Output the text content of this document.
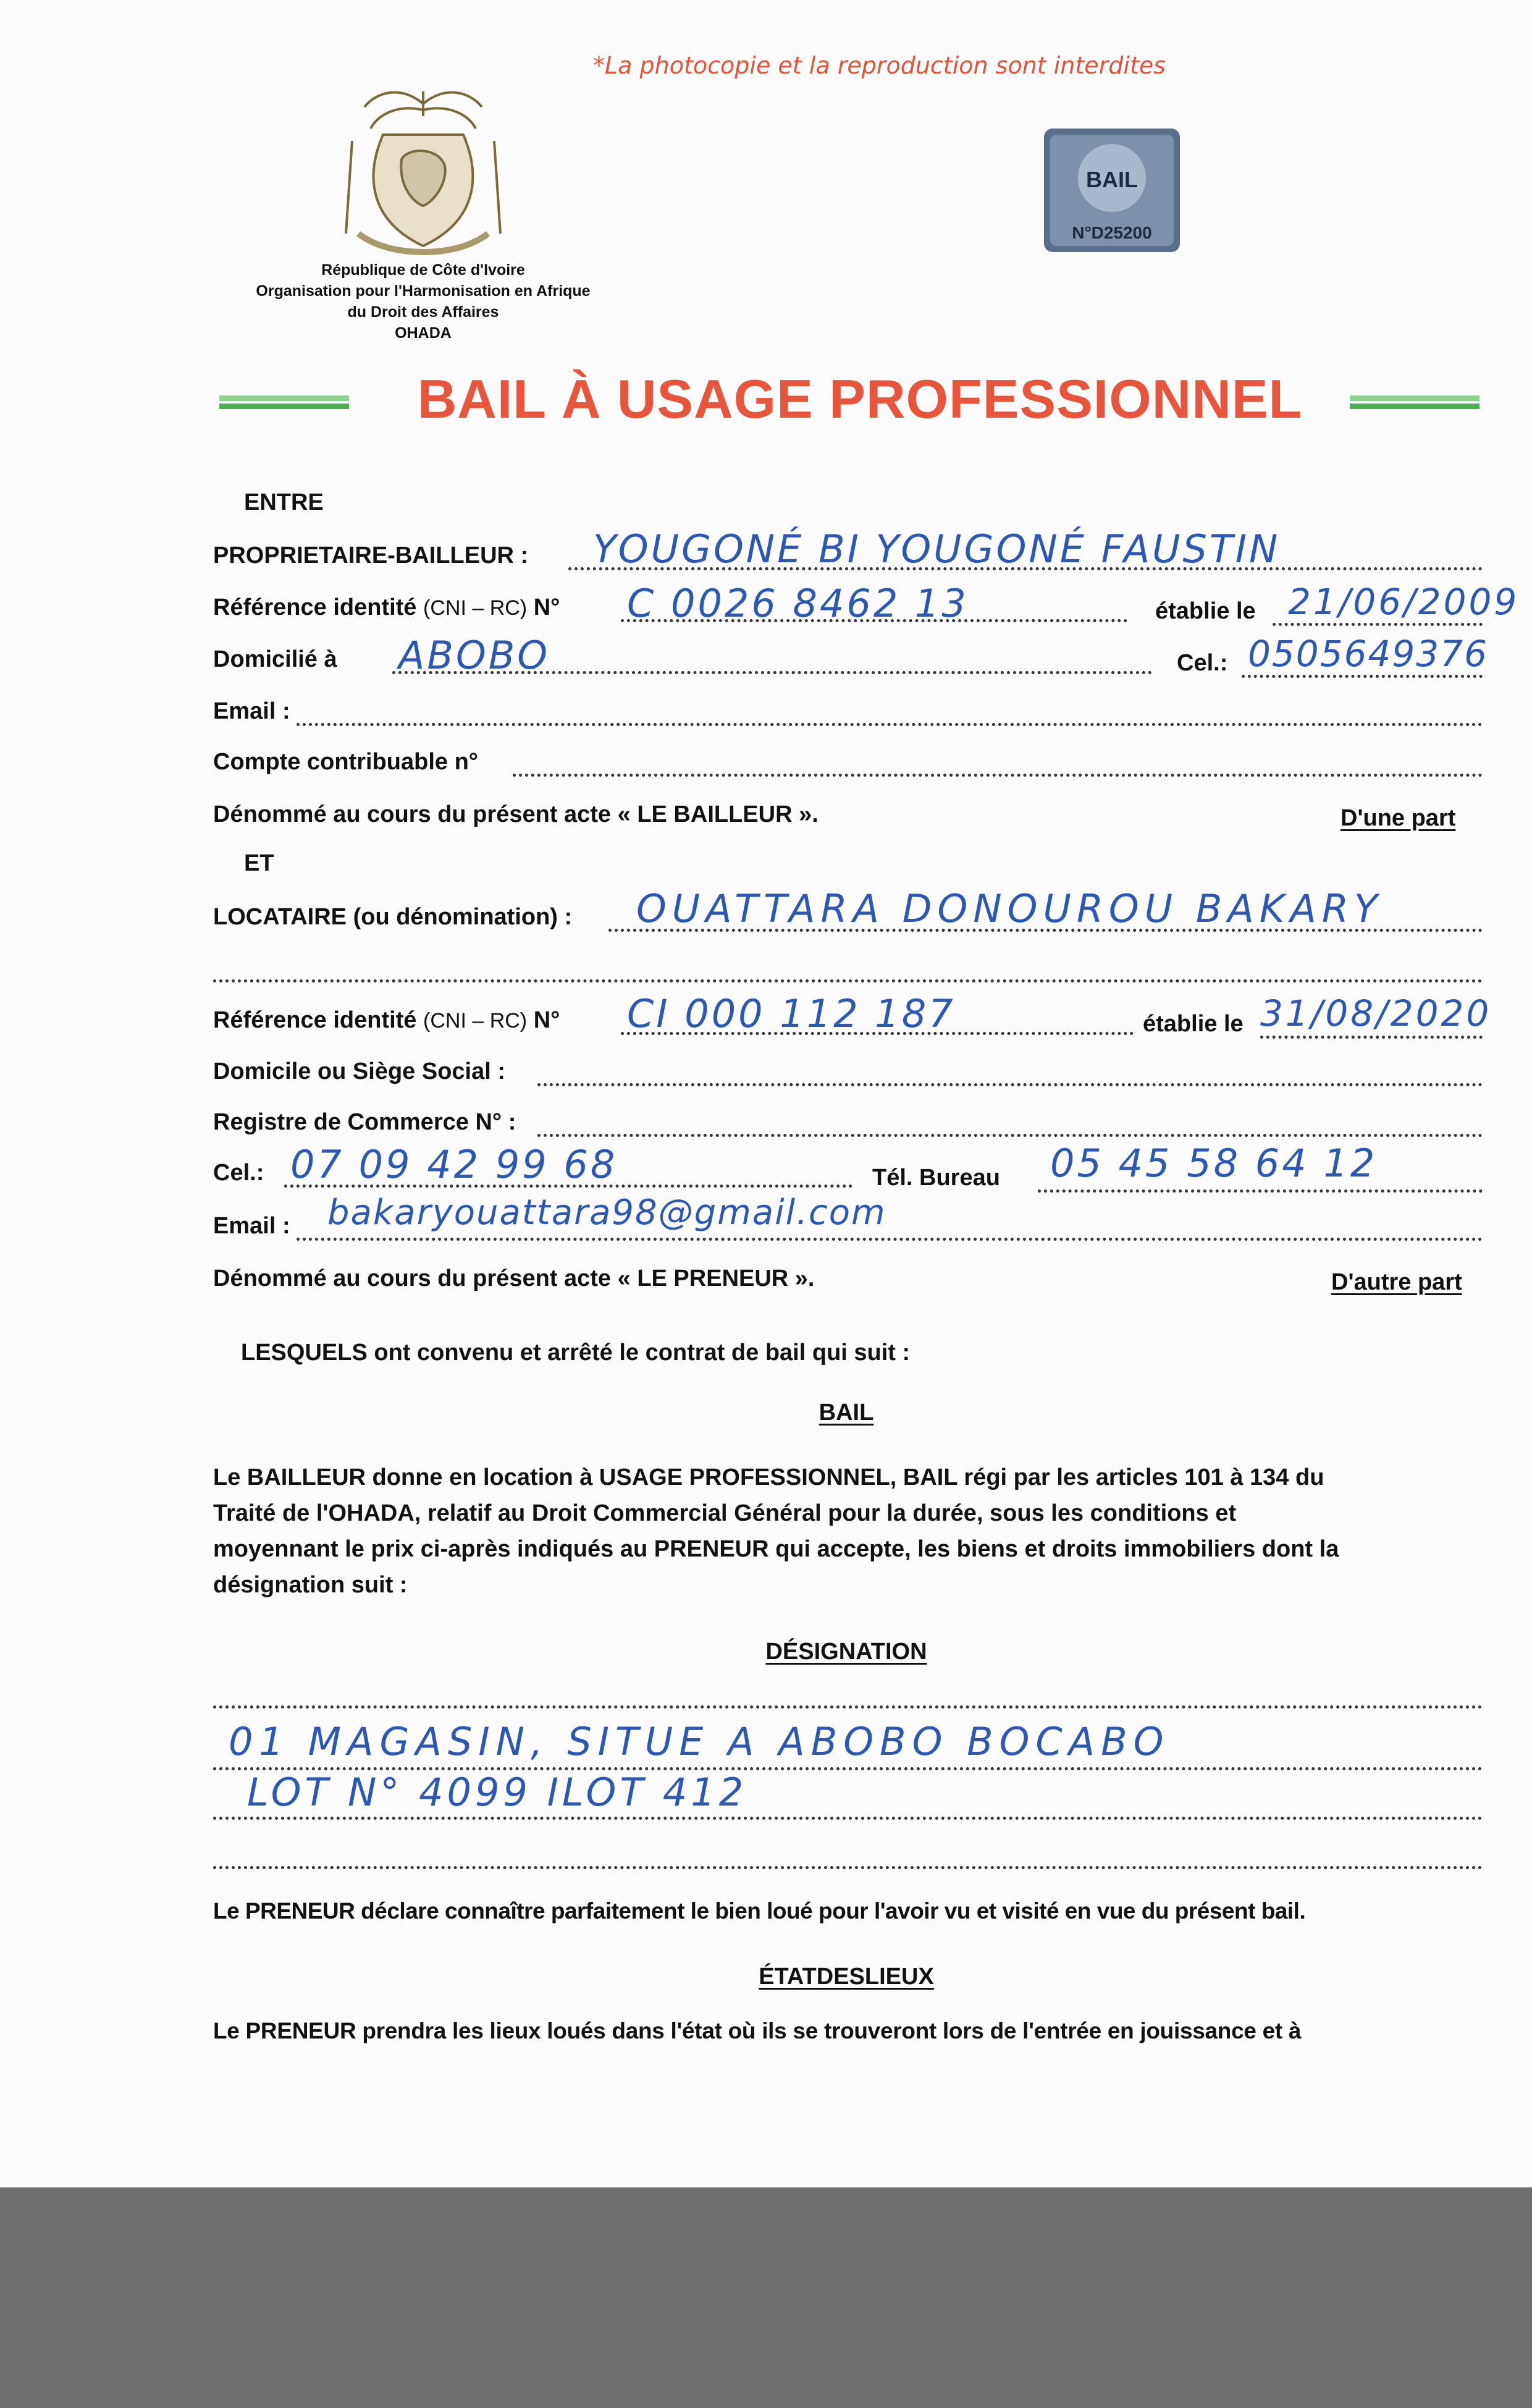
*La photocopie et la reproduction sont interdites
République de Côte d'Ivoire
Organisation pour l'Harmonisation en Afrique
du Droit des Affaires
OHADA
BAIL
N°D25200
BAIL À USAGE PROFESSIONNEL
ENTRE
PROPRIETAIRE-BAILLEUR : YOUGONÉ BI YOUGONÉ FAUSTIN
Référence identité (CNI – RC) N° C 0026 8462 13	établie le 21/06/2009
Domicilié à ABOBO	Cel.: 0505649376
Email :
Compte contribuable n°
Dénommé au cours du présent acte « LE BAILLEUR ».	D'une part
ET
LOCATAIRE (ou dénomination) : OUATTARA DONOUROU BAKARY
Référence identité (CNI – RC) N° CI 000 112 187	établie le 31/08/2020
Domicile ou Siège Social :
Registre de Commerce N° :
Cel.: 07 09 42 99 68	Tél. Bureau 05 45 58 64 12
Email : bakaryouattara98@gmail.com
Dénommé au cours du présent acte « LE PRENEUR ».	D'autre part
LESQUELS ont convenu et arrêté le contrat de bail qui suit :
BAIL
Le BAILLEUR donne en location à USAGE PROFESSIONNEL, BAIL régi par les articles 101 à 134 du
Traité de l'OHADA, relatif au Droit Commercial Général pour la durée, sous les conditions et
moyennant le prix ci-après indiqués au PRENEUR qui accepte, les biens et droits immobiliers dont la
désignation suit :
DÉSIGNATION
01 MAGASIN, SITUE A ABOBO BOCABO
LOT N° 4099 ILOT 412
Le PRENEUR déclare connaître parfaitement le bien loué pour l'avoir vu et visité en vue du présent bail.
ÉTATDESLIEUX
Le PRENEUR prendra les lieux loués dans l'état où ils se trouveront lors de l'entrée en jouissance et à
